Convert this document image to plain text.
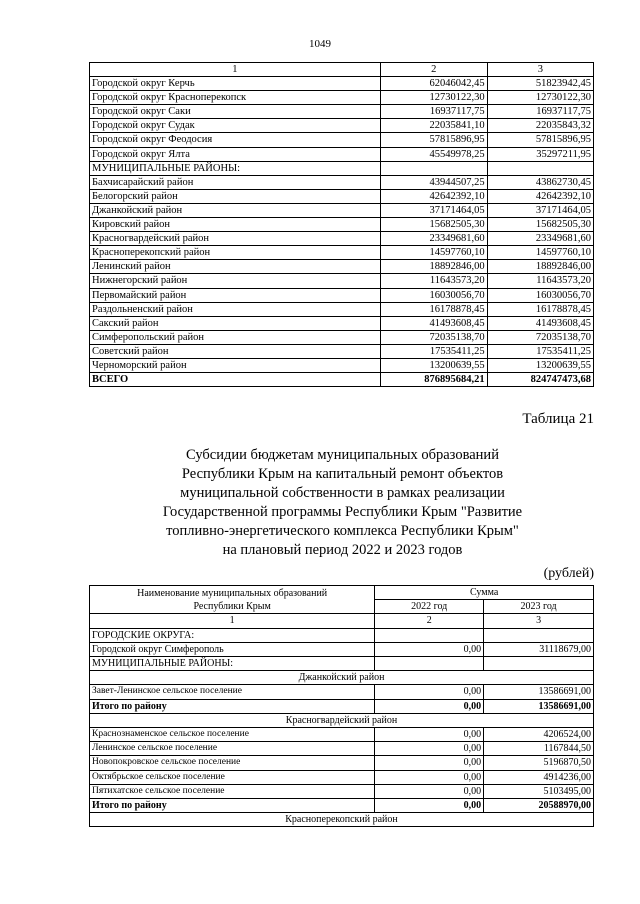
1049
1	2	3
Городской округ Керчь	62046042,45	51823942,45
Городской округ Красноперекопск	12730122,30	12730122,30
Городской округ Саки	16937117,75	16937117,75
Городской округ Судак	22035841,10	22035843,32
Городской округ Феодосия	57815896,95	57815896,95
Городской округ Ялта	45549978,25	35297211,95
МУНИЦИПАЛЬНЫЕ РАЙОНЫ:		
Бахчисарайский район	43944507,25	43862730,45
Белогорский район	42642392,10	42642392,10
Джанкойский район	37171464,05	37171464,05
Кировский район	15682505,30	15682505,30
Красногвардейский район	23349681,60	23349681,60
Красноперекопский район	14597760,10	14597760,10
Ленинский район	18892846,00	18892846,00
Нижнегорский район	11643573,20	11643573,20
Первомайский район	16030056,70	16030056,70
Раздольненский район	16178878,45	16178878,45
Сакский район	41493608,45	41493608,45
Симферопольский район	72035138,70	72035138,70
Советский район	17535411,25	17535411,25
Черноморский район	13200639,55	13200639,55
ВСЕГО	876895684,21	824747473,68
Таблица 21
Субсидии бюджетам муниципальных образований
Республики Крым на капитальный ремонт объектов
муниципальной собственности в рамках реализации
Государственной программы Республики Крым "Развитие
топливно-энергетического комплекса Республики Крым"
на плановый период 2022 и 2023 годов
(рублей)
Наименование муниципальных образований
Республики Крым	Сумма	
	2022 год	2023 год
1	2	3
ГОРОДСКИЕ ОКРУГА:		
Городской округ Симферополь	0,00	31118679,00
МУНИЦИПАЛЬНЫЕ РАЙОНЫ:		
Джанкойский район		
Завет-Ленинское сельское поселение	0,00	13586691,00
Итого по району	0,00	13586691,00
Красногвардейский район		
Краснознаменское сельское поселение	0,00	4206524,00
Ленинское сельское поселение	0,00	1167844,50
Новопокровское сельское поселение	0,00	5196870,50
Октябрьское сельское поселение	0,00	4914236,00
Пятихатское сельское поселение	0,00	5103495,00
Итого по району	0,00	20588970,00
Красноперекопский район		
